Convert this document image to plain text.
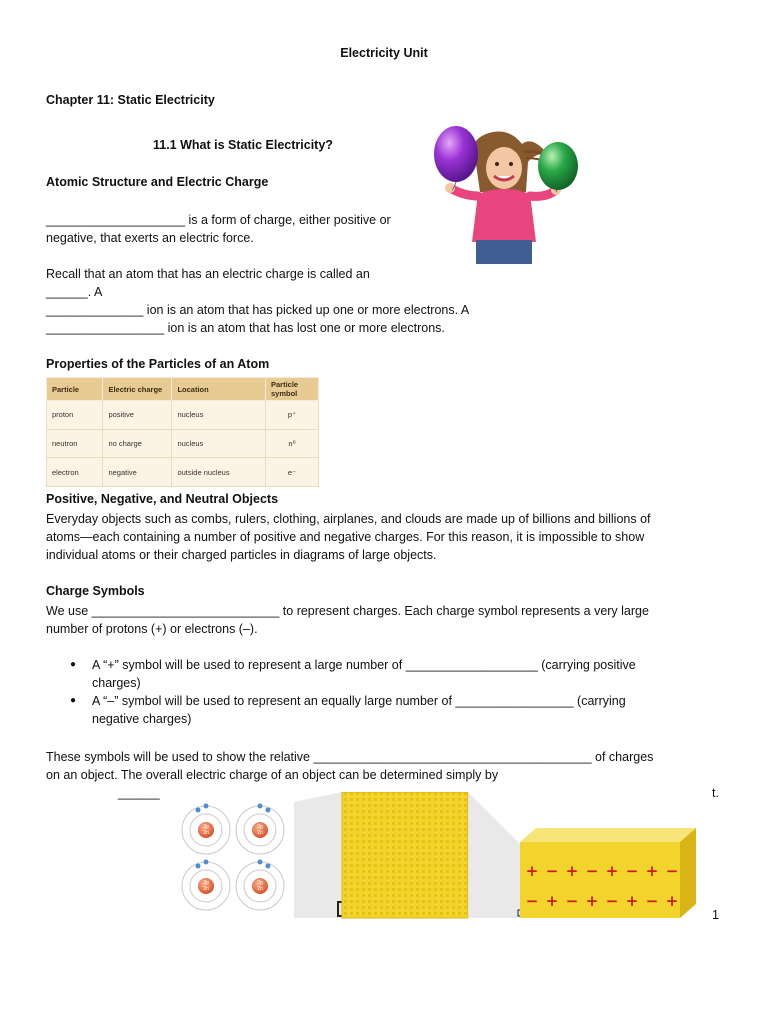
Electricity Unit
Chapter 11: Static Electricity
11.1 What is Static Electricity?
Atomic Structure and Electric Charge
____________________ is a form of charge, either positive or
negative, that exerts an electric force.
Recall that an atom that has an electric charge is called an
______. A
______________ ion is an atom that has picked up one or more electrons. A
_________________ ion is an atom that has lost one or more electrons.
Properties of the Particles of an Atom
Particle	Electric charge	Location	Particle symbol
proton	positive	nucleus	p⁺
neutron	no charge	nucleus	n⁰
electron	negative	outside nucleus	e⁻
Positive, Negative, and Neutral Objects
Everyday objects such as combs, rulers, clothing, airplanes, and clouds are made up of billions and billions of
atoms—each containing a number of positive and negative charges. For this reason, it is impossible to show
individual atoms or their charged particles in diagrams of large objects.
Charge Symbols
We use ___________________________ to represent charges. Each charge symbol represents a very large
number of protons (+) or electrons (–).
● A “+” symbol will be used to represent a large number of ___________________ (carrying positive
charges)
● A “–” symbol will be used to represent an equally large number of _________________ (carrying
negative charges)
These symbols will be used to show the relative ________________________________________ of charges
on an object. The overall electric charge of an object can be determined simply by
______	t.
2p
2n
2p
2n
2p
2n
2p
2n
+ − + − + − + −
− + − + − + − +
1
